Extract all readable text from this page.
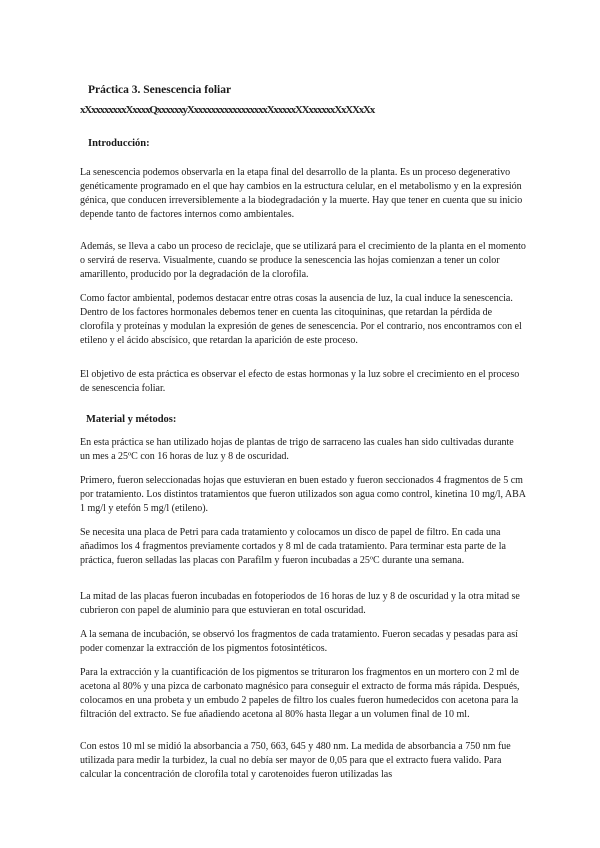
Práctica 3. Senescencia foliar
xXxxxxxxxxXxxxxQxxxxxxyXxxxxxxxxxxxxxxxxxXxxxxxXXxxxxxxXxXXxXx
Introducción:

La senescencia podemos observarla en la etapa final del desarrollo de la planta. Es un proceso degenerativo genéticamente programado en el que hay cambios en la estructura celular, en el metabolismo y en la expresión génica, que conducen irreversiblemente a la biodegradación y la muerte. Hay que tener en cuenta que su inicio depende tanto de factores internos como ambientales.

Además, se lleva a cabo un proceso de reciclaje, que se utilizará para el crecimiento de la planta en el momento o servirá de reserva. Visualmente, cuando se produce la senescencia las hojas comienzan a tener un color amarillento, producido por la degradación de la clorofila.

Como factor ambiental, podemos destacar entre otras cosas la ausencia de luz, la cual induce la senescencia. Dentro de los factores hormonales debemos tener en cuenta las citoquininas, que retardan la pérdida de clorofila y proteínas y modulan la expresión de genes de senescencia. Por el contrario, nos encontramos con el etileno y el ácido abscísico, que retardan la aparición de este proceso.

El objetivo de esta práctica es observar el efecto de estas hormonas y la luz sobre el crecimiento en el proceso de senescencia foliar.

Material y métodos:

En esta práctica se han utilizado hojas de plantas de trigo de sarraceno las cuales han sido cultivadas durante un mes a 25ºC con 16 horas de luz y 8 de oscuridad.

Primero, fueron seleccionadas hojas que estuvieran en buen estado y fueron seccionados 4 fragmentos de 5 cm por tratamiento. Los distintos tratamientos que fueron utilizados son agua como control, kinetina 10 mg/l, ABA 1 mg/l y etefón 5 mg/l (etileno).

Se necesita una placa de Petri para cada tratamiento y colocamos un disco de papel de filtro. En cada una añadimos los 4 fragmentos previamente cortados y 8 ml de cada tratamiento. Para terminar esta parte de la práctica, fueron selladas las placas con Parafilm y fueron incubadas a 25ºC durante una semana.

La mitad de las placas fueron incubadas en fotoperiodos de 16 horas de luz y 8 de oscuridad y la otra mitad se cubrieron con papel de aluminio para que estuvieran en total oscuridad.

A la semana de incubación, se observó los fragmentos de cada tratamiento. Fueron secadas y pesadas para así poder comenzar la extracción de los pigmentos fotosintéticos.

Para la extracción y la cuantificación de los pigmentos se trituraron los fragmentos en un mortero con 2 ml de acetona al 80% y una pizca de carbonato magnésico para conseguir el extracto de forma más rápida. Después, colocamos en una probeta y un embudo 2 papeles de filtro los cuales fueron humedecidos con acetona para la filtración del extracto. Se fue añadiendo acetona al 80% hasta llegar a un volumen final de 10 ml.

Con estos 10 ml se midió la absorbancia a 750, 663, 645 y 480 nm. La medida de absorbancia a 750 nm fue utilizada para medir la turbidez, la cual no debía ser mayor de 0,05 para que el extracto fuera valido. Para calcular la concentración de clorofila total y carotenoides fueron utilizadas las
